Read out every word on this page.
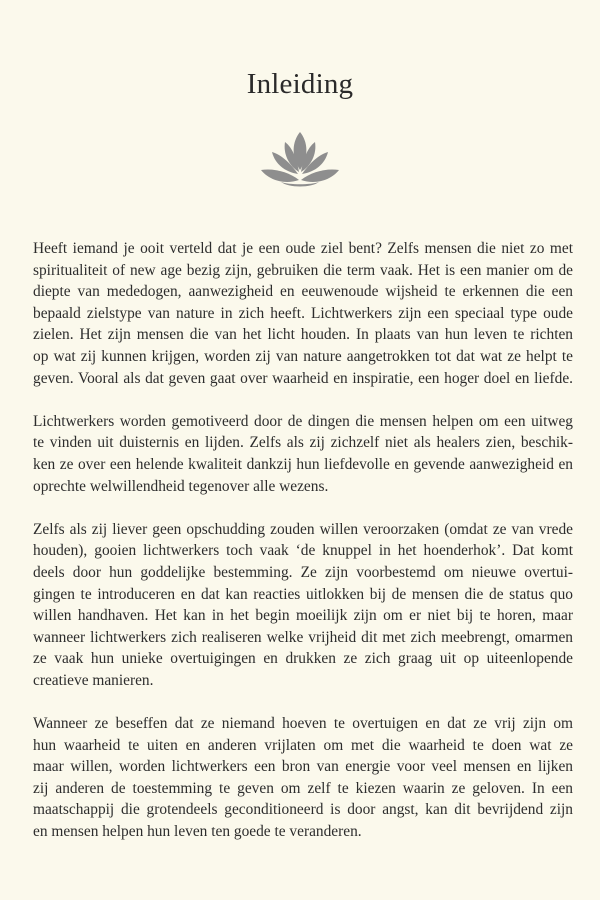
Inleiding

Heeft iemand je ooit verteld dat je een oude ziel bent? Zelfs mensen die niet zo met
spiritualiteit of new age bezig zijn, gebruiken die term vaak. Het is een manier om de
diepte van mededogen, aanwezigheid en eeuwenoude wijsheid te erkennen die een
bepaald zielstype van nature in zich heeft. Lichtwerkers zijn een speciaal type oude
zielen. Het zijn mensen die van het licht houden. In plaats van hun leven te richten
op wat zij kunnen krijgen, worden zij van nature aangetrokken tot dat wat ze helpt te
geven. Vooral als dat geven gaat over waarheid en inspiratie, een hoger doel en liefde.

Lichtwerkers worden gemotiveerd door de dingen die mensen helpen om een uitweg
te vinden uit duisternis en lijden. Zelfs als zij zichzelf niet als healers zien, beschik-
ken ze over een helende kwaliteit dankzij hun liefdevolle en gevende aanwezigheid en
oprechte welwillendheid tegenover alle wezens.

Zelfs als zij liever geen opschudding zouden willen veroorzaken (omdat ze van vrede
houden), gooien lichtwerkers toch vaak ‘de knuppel in het hoenderhok’. Dat komt
deels door hun goddelijke bestemming. Ze zijn voorbestemd om nieuwe overtui-
gingen te introduceren en dat kan reacties uitlokken bij de mensen die de status quo
willen handhaven. Het kan in het begin moeilijk zijn om er niet bij te horen, maar
wanneer lichtwerkers zich realiseren welke vrijheid dit met zich meebrengt, omarmen
ze vaak hun unieke overtuigingen en drukken ze zich graag uit op uiteenlopende
creatieve manieren.

Wanneer ze beseffen dat ze niemand hoeven te overtuigen en dat ze vrij zijn om
hun waarheid te uiten en anderen vrijlaten om met die waarheid te doen wat ze
maar willen, worden lichtwerkers een bron van energie voor veel mensen en lijken
zij anderen de toestemming te geven om zelf te kiezen waarin ze geloven. In een
maatschappij die grotendeels geconditioneerd is door angst, kan dit bevrijdend zijn
en mensen helpen hun leven ten goede te veranderen.
